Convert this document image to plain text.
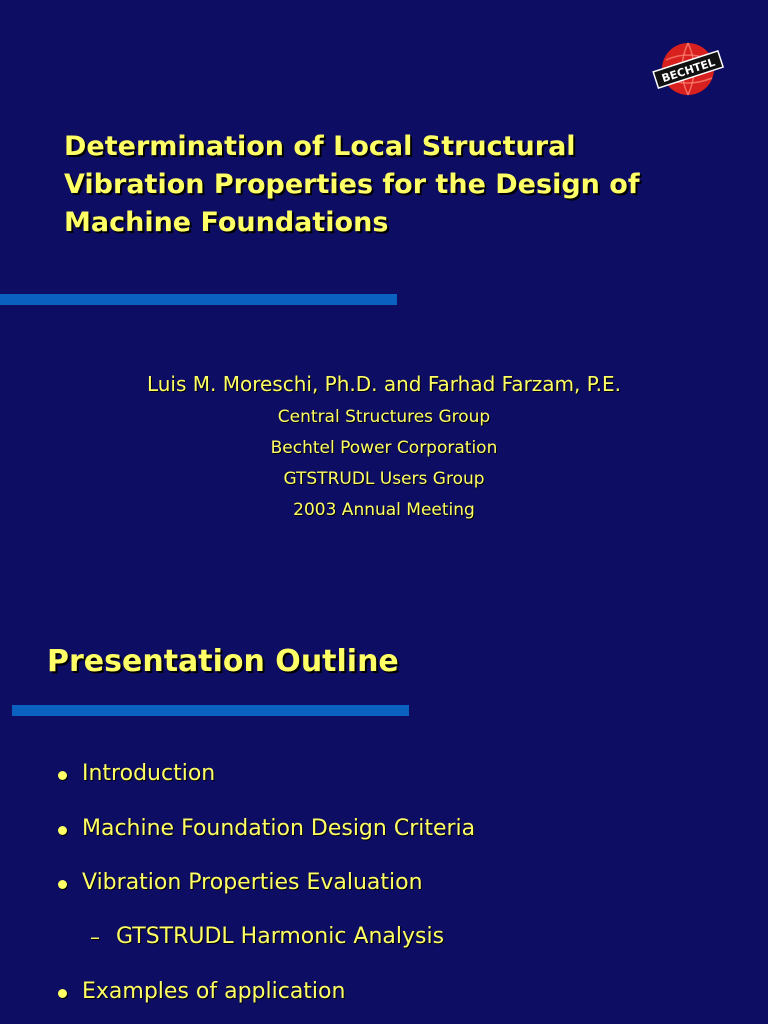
Determination of Local Structural
Vibration Properties for the Design of
Machine Foundations
BECHTEL
Luis M. Moreschi, Ph.D. and Farhad Farzam, P.E.
Central Structures Group
Bechtel Power Corporation
GTSTRUDL Users Group
2003 Annual Meeting
Presentation Outline
Introduction
Machine Foundation Design Criteria
Vibration Properties Evaluation
– GTSTRUDL Harmonic Analysis
Examples of application
